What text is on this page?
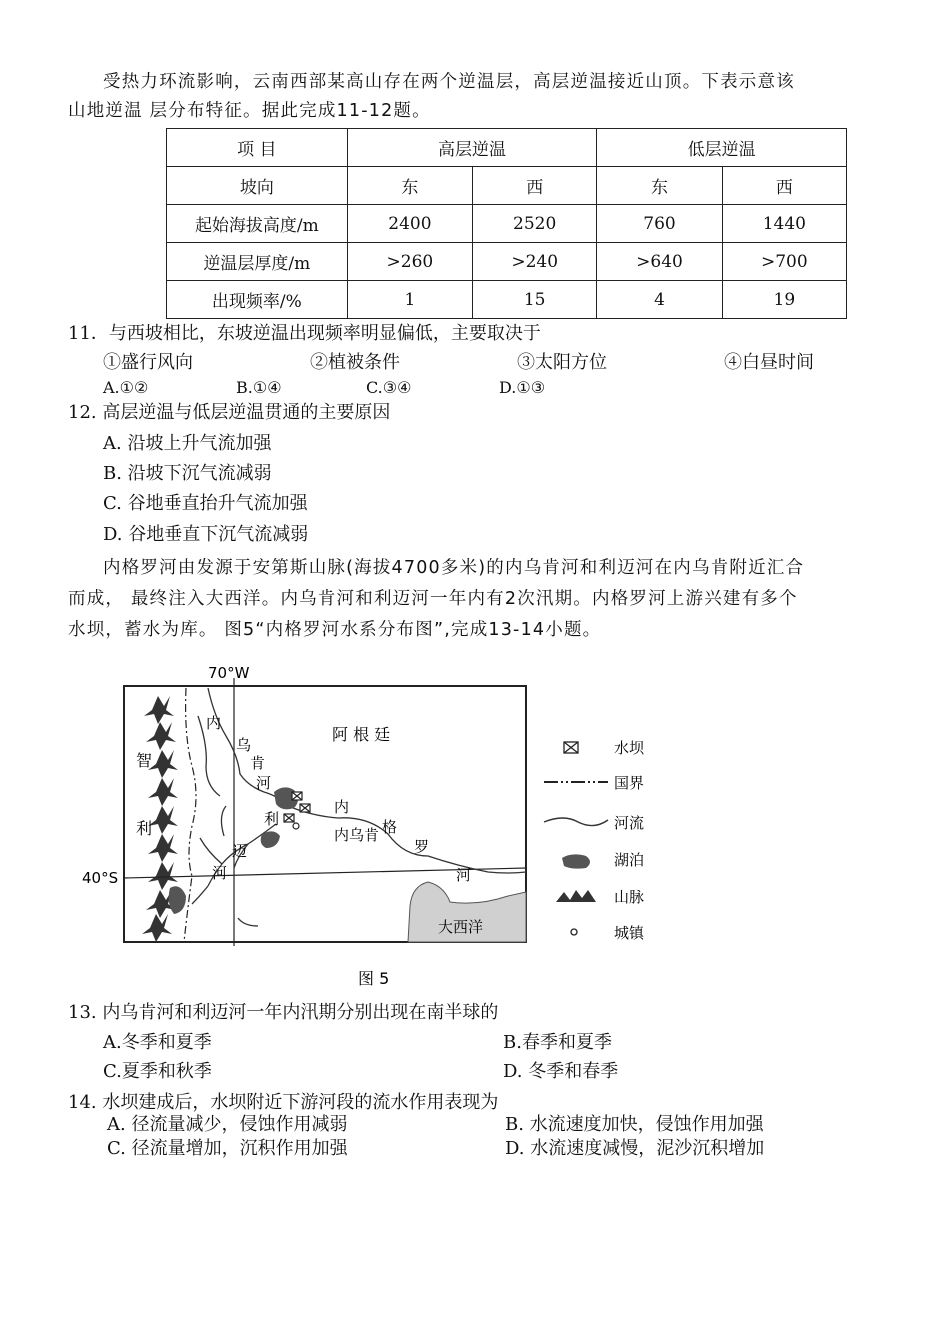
受热力环流影响，云南西部某高山存在两个逆温层，高层逆温接近山顶。下表示意该
山地逆温 层分布特征。据此完成11-12题。
项 目	高层逆温		低层逆温	
坡向	东	西	东	西
起始海拔高度/m	2400	2520	760	1440
逆温层厚度/m	>260	>240	>640	>700
出现频率/%	1	15	4	19
11．与西坡相比，东坡逆温出现频率明显偏低，主要取决于
①盛行风向	②植被条件	③太阳方位	④白昼时间
A.①②	B.①④	C.③④	D.①③
12. 高层逆温与低层逆温贯通的主要原因
A. 沿坡上升气流加强
B. 沿坡下沉气流减弱
C. 谷地垂直抬升气流加强
D. 谷地垂直下沉气流减弱
内格罗河由发源于安第斯山脉(海拔4700多米)的内乌肯河和利迈河在内乌肯附近汇合
而成， 最终注入大西洋。内乌肯河和利迈河一年内有2次汛期。内格罗河上游兴建有多个
水坝，蓄水为库。 图5“内格罗河水系分布图”,完成13-14小题。
70°W
40°S
阿 根 廷
智
利
内
乌
肯
河
利
迈
河
内乌肯
内
格
罗
河
大西洋
水坝
国界
河流
湖泊
山脉
城镇
图 5
13. 内乌肯河和利迈河一年内汛期分别出现在南半球的
A.冬季和夏季	B.春季和夏季
C.夏季和秋季	D. 冬季和春季
14. 水坝建成后，水坝附近下游河段的流水作用表现为
A. 径流量减少，侵蚀作用减弱	B. 水流速度加快，侵蚀作用加强
C. 径流量增加，沉积作用加强	D. 水流速度减慢，泥沙沉积增加
